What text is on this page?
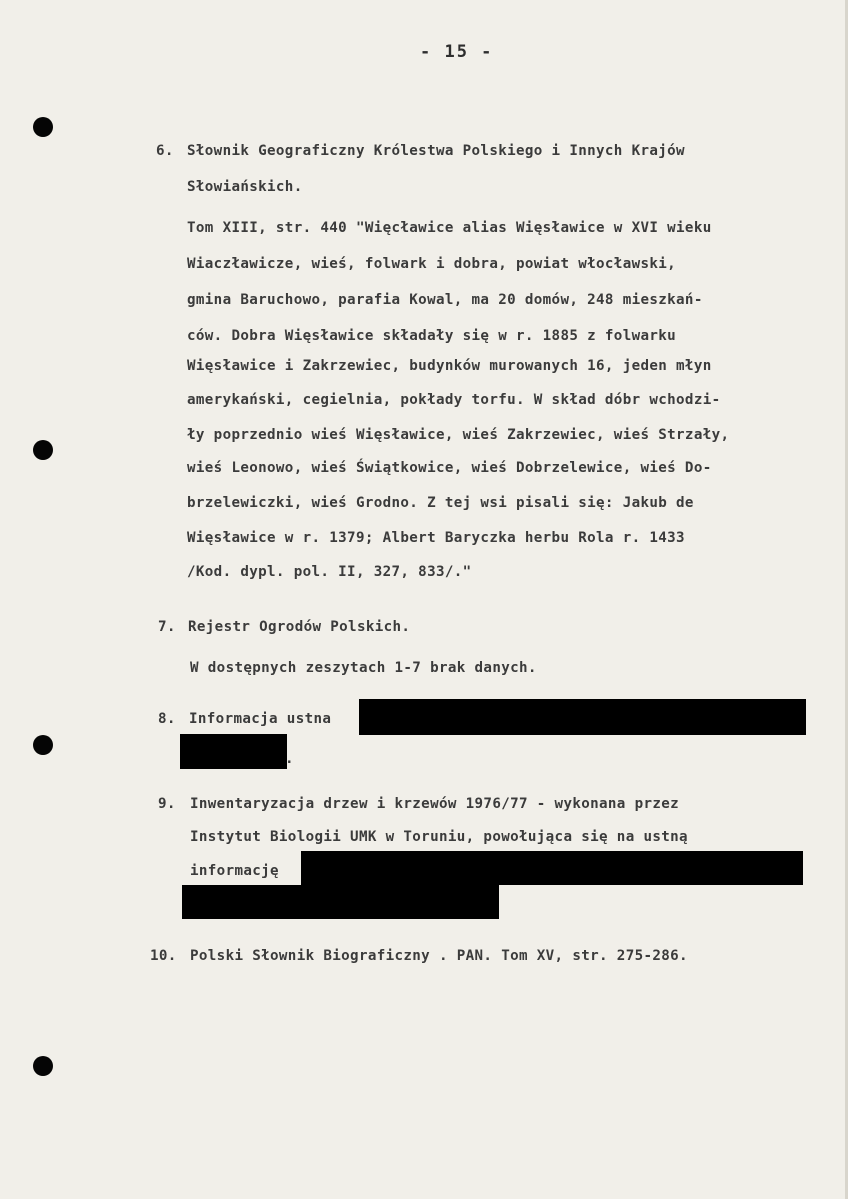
- 15 -
6. Słownik Geograficzny Królestwa Polskiego i Innych Krajów
Słowiańskich.
Tom XIII, str. 440 "Więcławice alias Więsławice w XVI wieku
Wiaczławicze, wieś, folwark i dobra, powiat włocławski,
gmina Baruchowo, parafia Kowal, ma 20 domów, 248 mieszkań-
ców. Dobra Więsławice składały się w r. 1885 z folwarku
Więsławice i Zakrzewiec, budynków murowanych 16, jeden młyn
amerykański, cegielnia, pokłady torfu. W skład dóbr wchodzi-
ły poprzednio wieś Więsławice, wieś Zakrzewiec, wieś Strzały,
wieś Leonowo, wieś Świątkowice, wieś Dobrzelewice, wieś Do-
brzelewiczki, wieś Grodno. Z tej wsi pisali się: Jakub de
Więsławice w r. 1379; Albert Baryczka herbu Rola r. 1433
/Kod. dypl. pol. II, 327, 833/."
7. Rejestr Ogrodów Polskich.
W dostępnych zeszytach 1-7 brak danych.
8. Informacja ustna
.
9. Inwentaryzacja drzew i krzewów 1976/77 - wykonana przez
Instytut Biologii UMK w Toruniu, powołująca się na ustną
informację
10. Polski Słownik Biograficzny . PAN. Tom XV, str. 275-286.
